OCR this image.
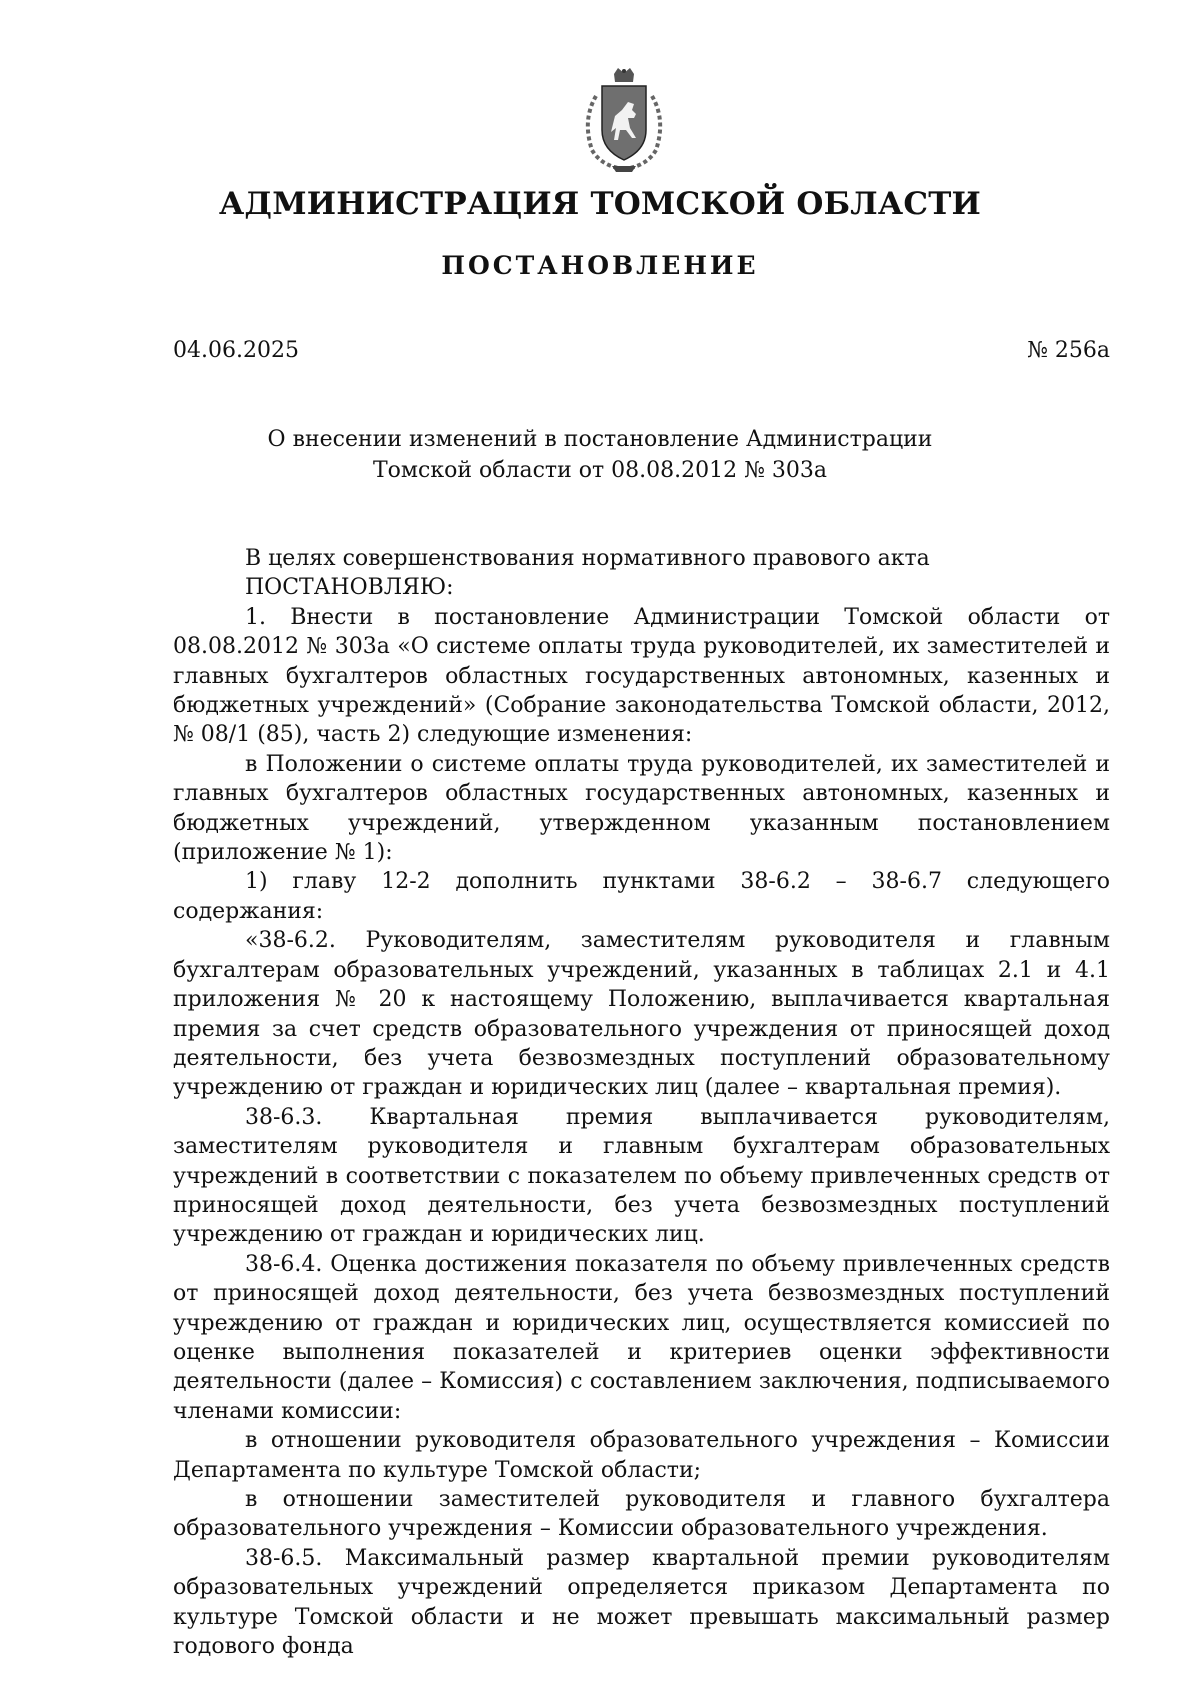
АДМИНИСТРАЦИЯ ТОМСКОЙ ОБЛАСТИ
ПОСТАНОВЛЕНИЕ
04.06.2025	№ 256а
О внесении изменений в постановление Администрации
Томской области от 08.08.2012 № 303а

В целях совершенствования нормативного правового акта

ПОСТАНОВЛЯЮ:

1. Внести в постановление Администрации Томской области от 08.08.2012 № 303а «О системе оплаты труда руководителей, их заместителей и главных бухгалтеров областных государственных автономных, казенных и бюджетных учреждений» (Собрание законодательства Томской области, 2012, № 08/1 (85), часть 2) следующие изменения:

в Положении о системе оплаты труда руководителей, их заместителей и главных бухгалтеров областных государственных автономных, казенных и бюджетных учреждений, утвержденном указанным постановлением (приложение № 1):

1) главу 12-2 дополнить пунктами 38-6.2 – 38-6.7 следующего содержания:

«38-6.2. Руководителям, заместителям руководителя и главным бухгалтерам образовательных учреждений, указанных в таблицах 2.1 и 4.1 приложения № 20 к настоящему Положению, выплачивается квартальная премия за счет средств образовательного учреждения от приносящей доход деятельности, без учета безвозмездных поступлений образовательному учреждению от граждан и юридических лиц (далее – квартальная премия).

38-6.3. Квартальная премия выплачивается руководителям, заместителям руководителя и главным бухгалтерам образовательных учреждений в соответствии с показателем по объему привлеченных средств от приносящей доход деятельности, без учета безвозмездных поступлений учреждению от граждан и юридических лиц.

38-6.4. Оценка достижения показателя по объему привлеченных средств от приносящей доход деятельности, без учета безвозмездных поступлений учреждению от граждан и юридических лиц, осуществляется комиссией по оценке выполнения показателей и критериев оценки эффективности деятельности (далее – Комиссия) с составлением заключения, подписываемого членами комиссии:

в отношении руководителя образовательного учреждения – Комиссии Департамента по культуре Томской области;

в отношении заместителей руководителя и главного бухгалтера образовательного учреждения – Комиссии образовательного учреждения.

38-6.5. Максимальный размер квартальной премии руководителям образовательных учреждений определяется приказом Департамента по культуре Томской области и не может превышать максимальный размер годового фонда
